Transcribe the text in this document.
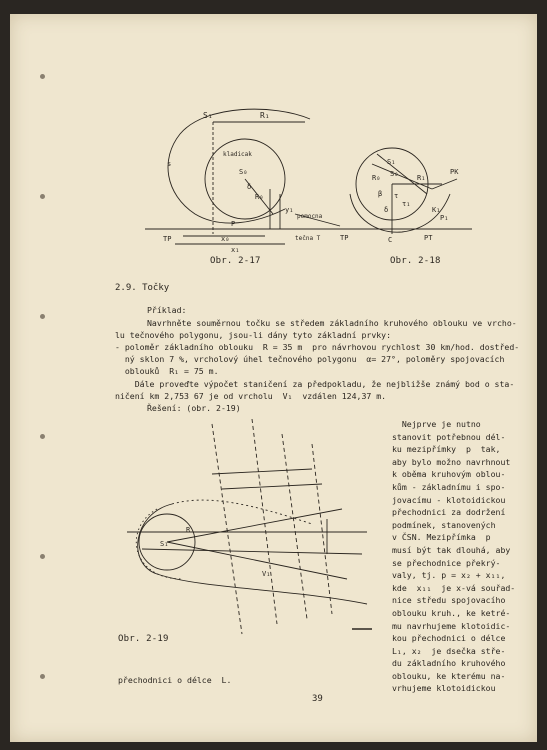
S₁	R₁
kladicak
S₀
δ
R₀
y₁
x₀
x₁
TP
P
pomocna
tečna T
s
Obr. 2-17
S₁
S₀	R₁
R₀
β τ
τ₁
δ	K₁
P₁
TP	C	PT
PK
Obr. 2-18
2.9. Točky
Příklad:
Navrhněte souměrnou točku se středem základního kruhového oblouku ve vrcho-
lu tečnového polygonu, jsou-li dány tyto základní prvky:
- poloměr základního oblouku  R = 35 m  pro návrhovou rychlost 30 km/hod. dostřed-
ný sklon 7 %, vrcholový úhel tečnového polygonu  α= 27°, poloměry spojovacích
oblouků  R₁ = 75 m.
Dále proveďte výpočet staničení za předpokladu, že nejbližše známý bod o sta-
ničení km 2,753 67 je od vrcholu  V₁  vzdálen 124,37 m.
Řešení: (obr. 2-19)
S₁
V₁
R
Obr. 2-19
Nejprve je nutno
stanovit potřebnou dél-
ku mezipřímky  p  tak,
aby bylo možno navrhnout
k oběma kruhovým oblou-
kům - základnímu i spo-
jovacímu - klotoidickou
přechodnici za dodržení
podmínek, stanovených
v ČSN. Mezipřímka  p
musí být tak dlouhá, aby
se přechodnice překrý-
valy, tj. p = x₂ + x₁₁,
kde  x₁₁  je x-vá souřad-
nice středu spojovacího
oblouku kruh., ke ketré-
mu navrhujeme klotoidic-
kou přechodnici o délce
L₁, x₂  je dsečka stře-
du základního kruhového
oblouku, ke kterému na-
vrhujeme klotoidickou
přechodnici o délce  L.
39
